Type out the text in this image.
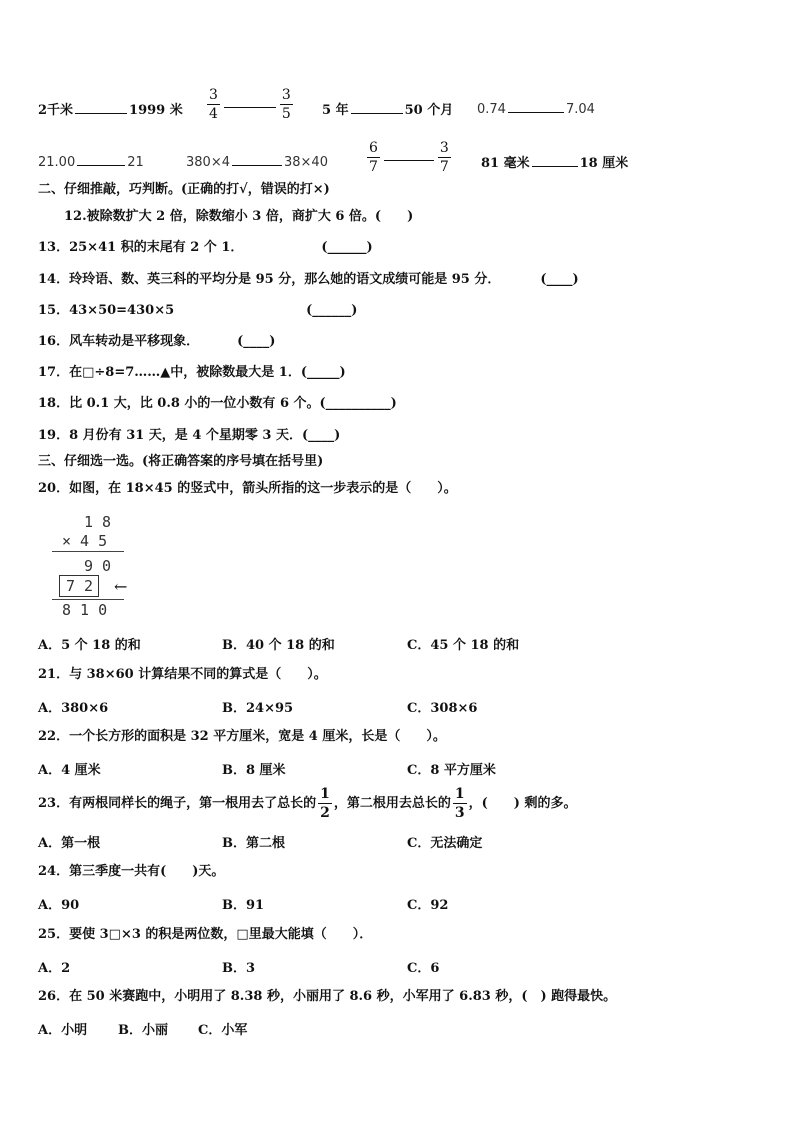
2千米	1999 米 $\frac{3}{4}$	$\frac{3}{5} 5$ 年	50 个月 0.74	7.04
21.00	21	380×4	38×40	$\frac{6}{7}$	$\frac{3}{7} 81$ 毫米	18 厘米
二、仔细推敲，巧判断。(正确的打√，错误的打×)
12.被除数扩大 2 倍，除数缩小 3 倍，商扩大 6 倍。(　　)
13．25×41 积的末尾有 2 个 1．	(______)
14．玲玲语、数、英三科的平均分是 95 分，那么她的语文成绩可能是 95 分．	(____)
15．43×50=430×5	(______)
16．风车转动是平移现象．	(____)
17．在□÷8=7……▲中，被除数最大是 1．(_____)
18．比 0.1 大，比 0.8 小的一位小数有 6 个。(__________)
19．8 月份有 31 天，是 4 个星期零 3 天．(____)
三、仔细选一选。(将正确答案的序号填在括号里)
20．如图，在 18×45 的竖式中，箭头所指的这一步表示的是（　　）。
1 8
× 4 5
9 0
7 2 ←
8 1 0
A．5 个 18 的和	B．40 个 18 的和	C．45 个 18 的和
21．与 38×60 计算结果不同的算式是（　　）。
A．380×6	B．24×95	C．308×6
22．一个长方形的面积是 32 平方厘米，宽是 4 厘米，长是（　　）。
A．4 厘米	B．8 厘米	C．8 平方厘米
23．有两根同样长的绳子，第一根用去了总长的 $\frac{1}{2}$ ，第二根用去总长的 $\frac{1}{3}$ ，(　　) 剩的多。
A．第一根	B．第二根	C．无法确定
24．第三季度一共有(　　)天。
A．90	B．91	C．92
25．要使 3□×3 的积是两位数，□里最大能填（　　）．
A．2	B．3	C．6
26．在 50 米赛跑中，小明用了 8.38 秒，小丽用了 8.6 秒，小军用了 6.83 秒，(　) 跑得最快。
A．小明 B．小丽 C．小军
